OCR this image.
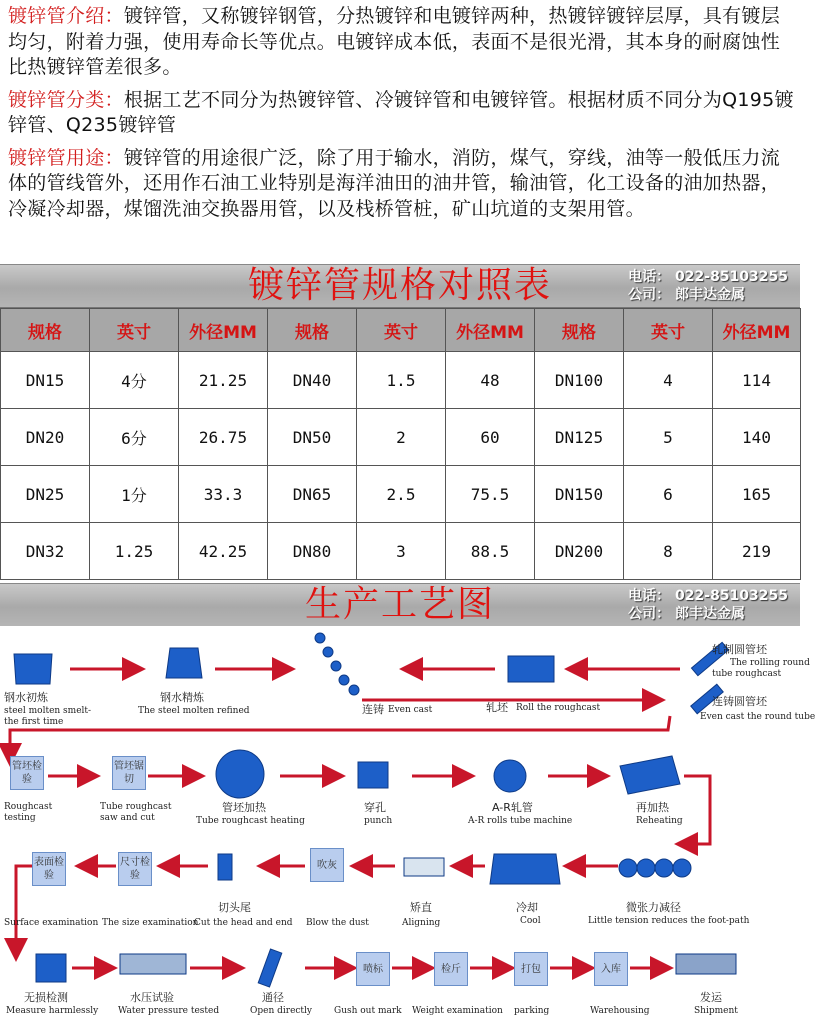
镀锌管介绍：镀锌管，又称镀锌钢管，分热镀锌和电镀锌两种，热镀锌镀锌层厚，具有镀层均匀，附着力强，使用寿命长等优点。电镀锌成本低，表面不是很光滑，其本身的耐腐蚀性比热镀锌管差很多。

镀锌管分类：根据工艺不同分为热镀锌管、冷镀锌管和电镀锌管。根据材质不同分为Q195镀锌管、Q235镀锌管

镀锌管用途：镀锌管的用途很广泛，除了用于输水，消防，煤气，穿线，油等一般低压力流体的管线管外，还用作石油工业特别是海洋油田的油井管，输油管，化工设备的油加热器，冷凝冷却器，煤馏洗油交换器用管，以及栈桥管桩，矿山坑道的支架用管。

镀锌管规格对照表	电话： 022-85103255
公司： 郎丰达金属
规格	英寸	外径MM	规格	英寸	外径MM	规格	英寸	外径MM
DN15	4分	21.25	DN40	1.5	48	DN100	4	114
DN20	6分	26.75	DN50	2	60	DN125	5	140
DN25	1分	33.3	DN65	2.5	75.5	DN150	6	165
DN32	1.25	42.25	DN80	3	88.5	DN200	8	219
生产工艺图	电话： 022-85103255
公司： 郎丰达金属
钢水初炼
steel molten smelt-
the first time
钢水精炼
The steel molten refined	连铸 Even cast	轧坯 Roll the roughcast
轧制圆管坯
The rolling round
tube roughcast
连铸圆管坯
Even cast the round tube
管坯检验
Roughcast
testing
管坯锯切
Tube roughcast
saw and cut
管坯加热
Tube roughcast heating
穿孔
punch
A-R轧管
A-R rolls tube machine
再加热
Reheating
表面检验
Surface examination
尺寸检验
The size examination
切头尾
Cut the head and end
吹灰
Blow the dust
矫直
Aligning
冷却
Cool
微张力减径
Little tension reduces the foot-path
无损检测
Measure harmlessly
水压试验
Water pressure tested
通径
Open directly
喷标
Gush out mark
检斤
Weight examination
打包
parking
入库
Warehousing
发运
Shipment
